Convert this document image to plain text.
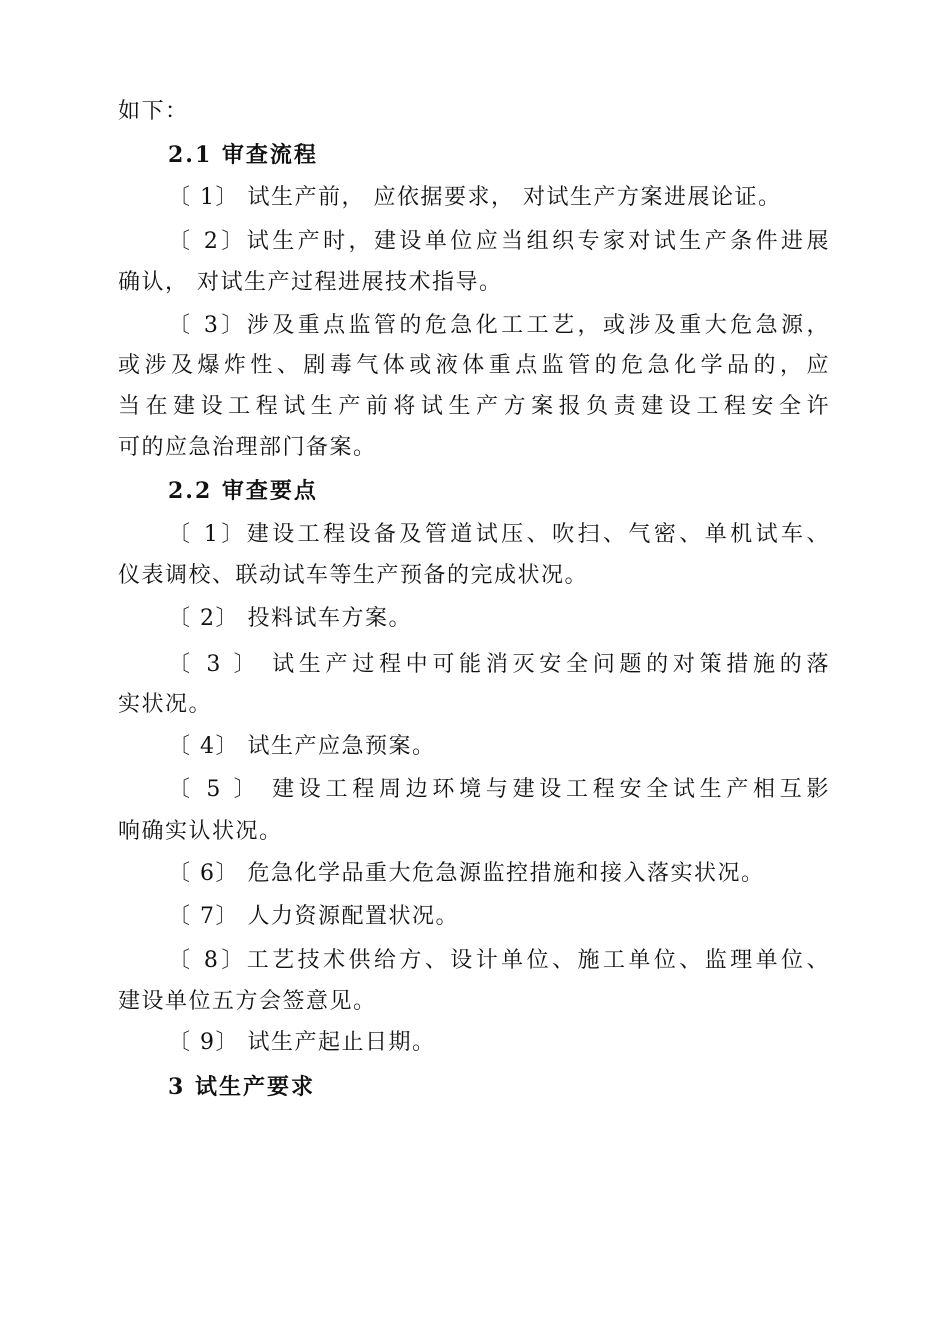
如下：
2.1 审查流程
〔 1〕 试生产前， 应依据要求， 对试生产方案进展论证。
〔 2〕试生产时，建设单位应当组织专家对试生产条件进展
确认， 对试生产过程进展技术指导。
〔 3〕涉及重点监管的危急化工工艺，或涉及重大危急源，
或涉及爆炸性、剧毒气体或液体重点监管的危急化学品的，应
当在建设工程试生产前将试生产方案报负责建设工程安全许
可的应急治理部门备案。
2.2 审查要点
〔 1〕建设工程设备及管道试压、吹扫、气密、单机试车、
仪表调校、联动试车等生产预备的完成状况。
〔 2〕 投料试车方案。
〔 3 〕 试生产过程中可能消灭安全问题的对策措施的落
实状况。
〔 4〕 试生产应急预案。
〔 5 〕 建设工程周边环境与建设工程安全试生产相互影
响确实认状况。
〔 6〕 危急化学品重大危急源监控措施和接入落实状况。
〔 7〕 人力资源配置状况。
〔 8〕工艺技术供给方、设计单位、施工单位、监理单位、
建设单位五方会签意见。
〔 9〕 试生产起止日期。
3 试生产要求
